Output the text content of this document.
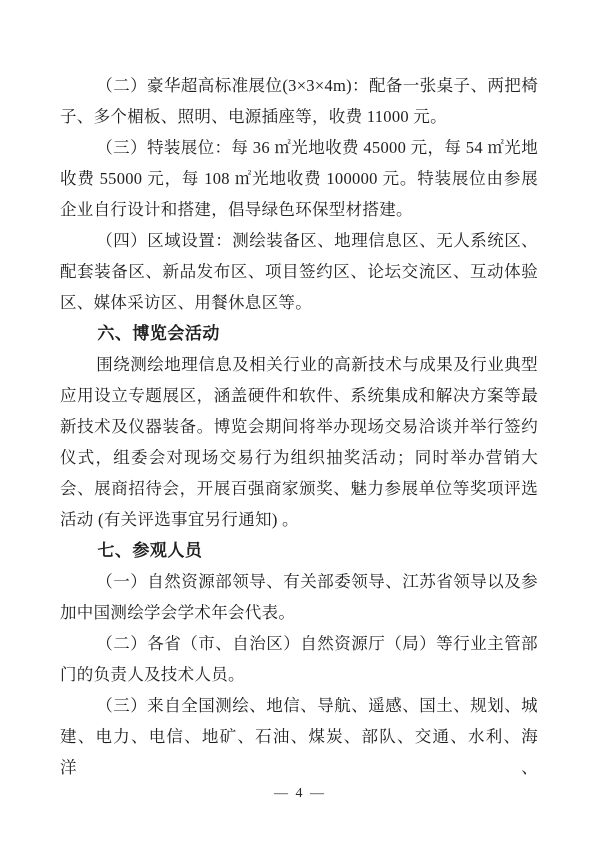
（二）豪华超高标准展位(3×3×4m)：配备一张桌子、两把椅子、多个楣板、照明、电源插座等，收费 11000 元。

（三）特装展位：每 36 ㎡光地收费 45000 元，每 54 ㎡光地收费 55000 元，每 108 ㎡光地收费 100000 元。特装展位由参展企业自行设计和搭建，倡导绿色环保型材搭建。

（四）区域设置：测绘装备区、地理信息区、无人系统区、配套装备区、新品发布区、项目签约区、论坛交流区、互动体验区、媒体采访区、用餐休息区等。

六、博览会活动

围绕测绘地理信息及相关行业的高新技术与成果及行业典型应用设立专题展区，涵盖硬件和软件、系统集成和解决方案等最新技术及仪器装备。博览会期间将举办现场交易洽谈并举行签约仪式，组委会对现场交易行为组织抽奖活动；同时举办营销大会、展商招待会，开展百强商家颁奖、魅力参展单位等奖项评选活动 (有关评选事宜另行通知) 。

七、参观人员

（一）自然资源部领导、有关部委领导、江苏省领导以及参加中国测绘学会学术年会代表。

（二）各省（市、自治区）自然资源厅（局）等行业主管部门的负责人及技术人员。

（三）来自全国测绘、地信、导航、遥感、国土、规划、城建、电力、电信、地矿、石油、煤炭、部队、交通、水利、海洋、

— 4 —
